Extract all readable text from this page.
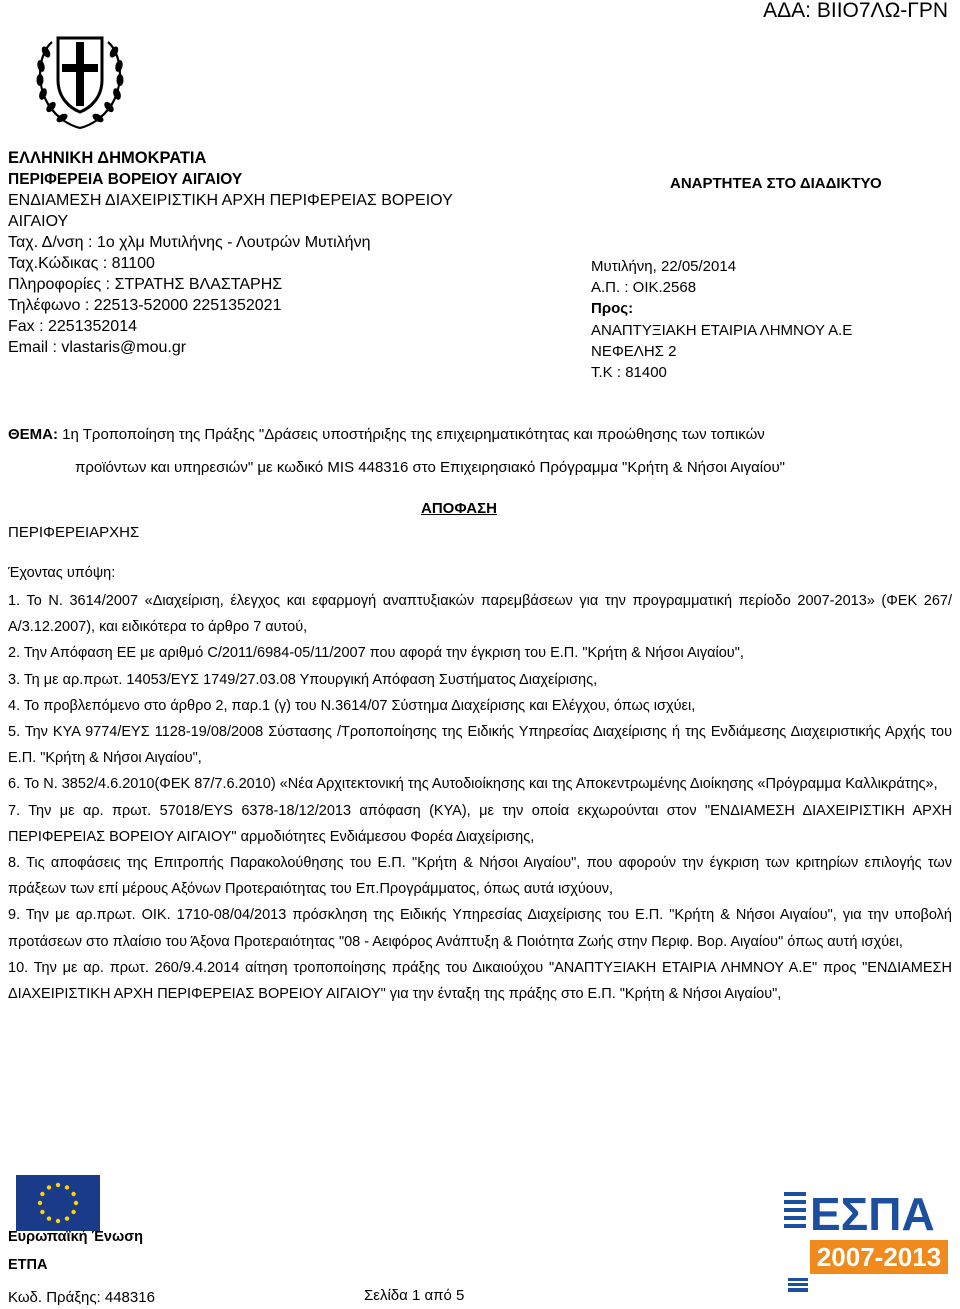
ΑΔΑ: ΒΙΙΟ7ΛΩ-ΓΡΝ
ΕΛΛΗΝΙΚΗ ΔΗΜΟΚΡΑΤΙΑ
ΠΕΡΙΦΕΡΕΙΑ ΒΟΡΕΙΟΥ ΑΙΓΑΙΟΥ
ΕΝΔΙΑΜΕΣΗ ΔΙΑΧΕΙΡΙΣΤΙΚΗ ΑΡΧΗ ΠΕΡΙΦΕΡΕΙΑΣ ΒΟΡΕΙΟΥ
ΑΙΓΑΙΟΥ
Ταχ. Δ/νση : 1ο χλμ Μυτιλήνης - Λουτρών Μυτιλήνη
Ταχ.Κώδικας : 81100
Πληροφορίες : ΣΤΡΑΤΗΣ ΒΛΑΣΤΑΡΗΣ
Τηλέφωνο : 22513-52000 2251352021
Fax : 2251352014
Email : vlastaris@mou.gr
ΑΝΑΡΤΗΤΕΑ ΣΤΟ ΔΙΑΔΙΚΤΥΟ
Μυτιλήνη, 22/05/2014
Α.Π. : ΟΙΚ.2568
Προς:
ΑΝΑΠΤΥΞΙΑΚΗ ΕΤΑΙΡΙΑ ΛΗΜΝΟΥ Α.Ε
ΝΕΦΕΛΗΣ 2
Τ.Κ : 81400
ΘΕΜΑ: 1η Τροποποίηση της Πράξης "Δράσεις υποστήριξης της επιχειρηματικότητας και προώθησης των τοπικών
προϊόντων και υπηρεσιών" με κωδικό MIS 448316 στο Επιχειρησιακό Πρόγραμμα "Κρήτη & Νήσοι Αιγαίου"
ΑΠΟΦΑΣΗ
ΠΕΡΙΦΕΡΕΙΑΡΧΗΣ
Έχοντας υπόψη:

1. Το Ν. 3614/2007 «Διαχείριση, έλεγχος και εφαρμογή αναπτυξιακών παρεμβάσεων για την προγραμματική περίοδο 2007-2013» (ΦΕΚ 267/Α/3.12.2007), και ειδικότερα το άρθρο 7 αυτού,

2. Την Απόφαση ΕΕ με αριθμό C/2011/6984-05/11/2007 που αφορά την έγκριση του Ε.Π. "Κρήτη & Νήσοι Αιγαίου",

3. Τη με αρ.πρωτ. 14053/ΕΥΣ 1749/27.03.08 Υπουργική Απόφαση Συστήματος Διαχείρισης,

4. Το προβλεπόμενο στο άρθρο 2, παρ.1 (γ) του Ν.3614/07 Σύστημα Διαχείρισης και Ελέγχου, όπως ισχύει,

5. Την ΚΥΑ 9774/ΕΥΣ 1128-19/08/2008 Σύστασης /Τροποποίησης της Ειδικής Υπηρεσίας Διαχείρισης ή της Ενδιάμεσης Διαχειριστικής Αρχής του Ε.Π. "Κρήτη & Νήσοι Αιγαίου",

6. Το Ν. 3852/4.6.2010(ΦΕΚ 87/7.6.2010) «Νέα Αρχιτεκτονική της Αυτοδιοίκησης και της Αποκεντρωμένης Διοίκησης «Πρόγραμμα Καλλικράτης»,

7. Την με αρ. πρωτ. 57018/ΕΥS 6378-18/12/2013 απόφαση (ΚΥΑ), με την οποία εκχωρούνται στον "ΕΝΔΙΑΜΕΣΗ ΔΙΑΧΕΙΡΙΣΤΙΚΗ ΑΡΧΗ ΠΕΡΙΦΕΡΕΙΑΣ ΒΟΡΕΙΟΥ ΑΙΓΑΙΟΥ" αρμοδιότητες Ενδιάμεσου Φορέα Διαχείρισης,

8. Τις αποφάσεις της Επιτροπής Παρακολούθησης του Ε.Π. "Κρήτη & Νήσοι Αιγαίου", που αφορούν την έγκριση των κριτηρίων επιλογής των πράξεων των επί μέρους Αξόνων Προτεραιότητας του Επ.Προγράμματος, όπως αυτά ισχύουν,

9. Την με αρ.πρωτ. ΟΙΚ. 1710-08/04/2013 πρόσκληση της Ειδικής Υπηρεσίας Διαχείρισης του Ε.Π. "Κρήτη & Νήσοι Αιγαίου", για την υποβολή προτάσεων στο πλαίσιο του Άξονα Προτεραιότητας "08 - Αειφόρος Ανάπτυξη & Ποιότητα Ζωής στην Περιφ. Βορ. Αιγαίου" όπως αυτή ισχύει,

10. Την με αρ. πρωτ. 260/9.4.2014 αίτηση τροποποίησης πράξης του Δικαιούχου "ΑΝΑΠΤΥΞΙΑΚΗ ΕΤΑΙΡΙΑ ΛΗΜΝΟΥ Α.Ε" προς "ΕΝΔΙΑΜΕΣΗ ΔΙΑΧΕΙΡΙΣΤΙΚΗ ΑΡΧΗ ΠΕΡΙΦΕΡΕΙΑΣ ΒΟΡΕΙΟΥ ΑΙΓΑΙΟΥ" για την ένταξη της πράξης στο Ε.Π. "Κρήτη & Νήσοι Αιγαίου",

Ευρωπαϊκή Ένωση
ΕΤΠΑ
Κωδ. Πράξης: 448316	Σελίδα 1 από 5
ΕΣΠΑ
2007-2013
